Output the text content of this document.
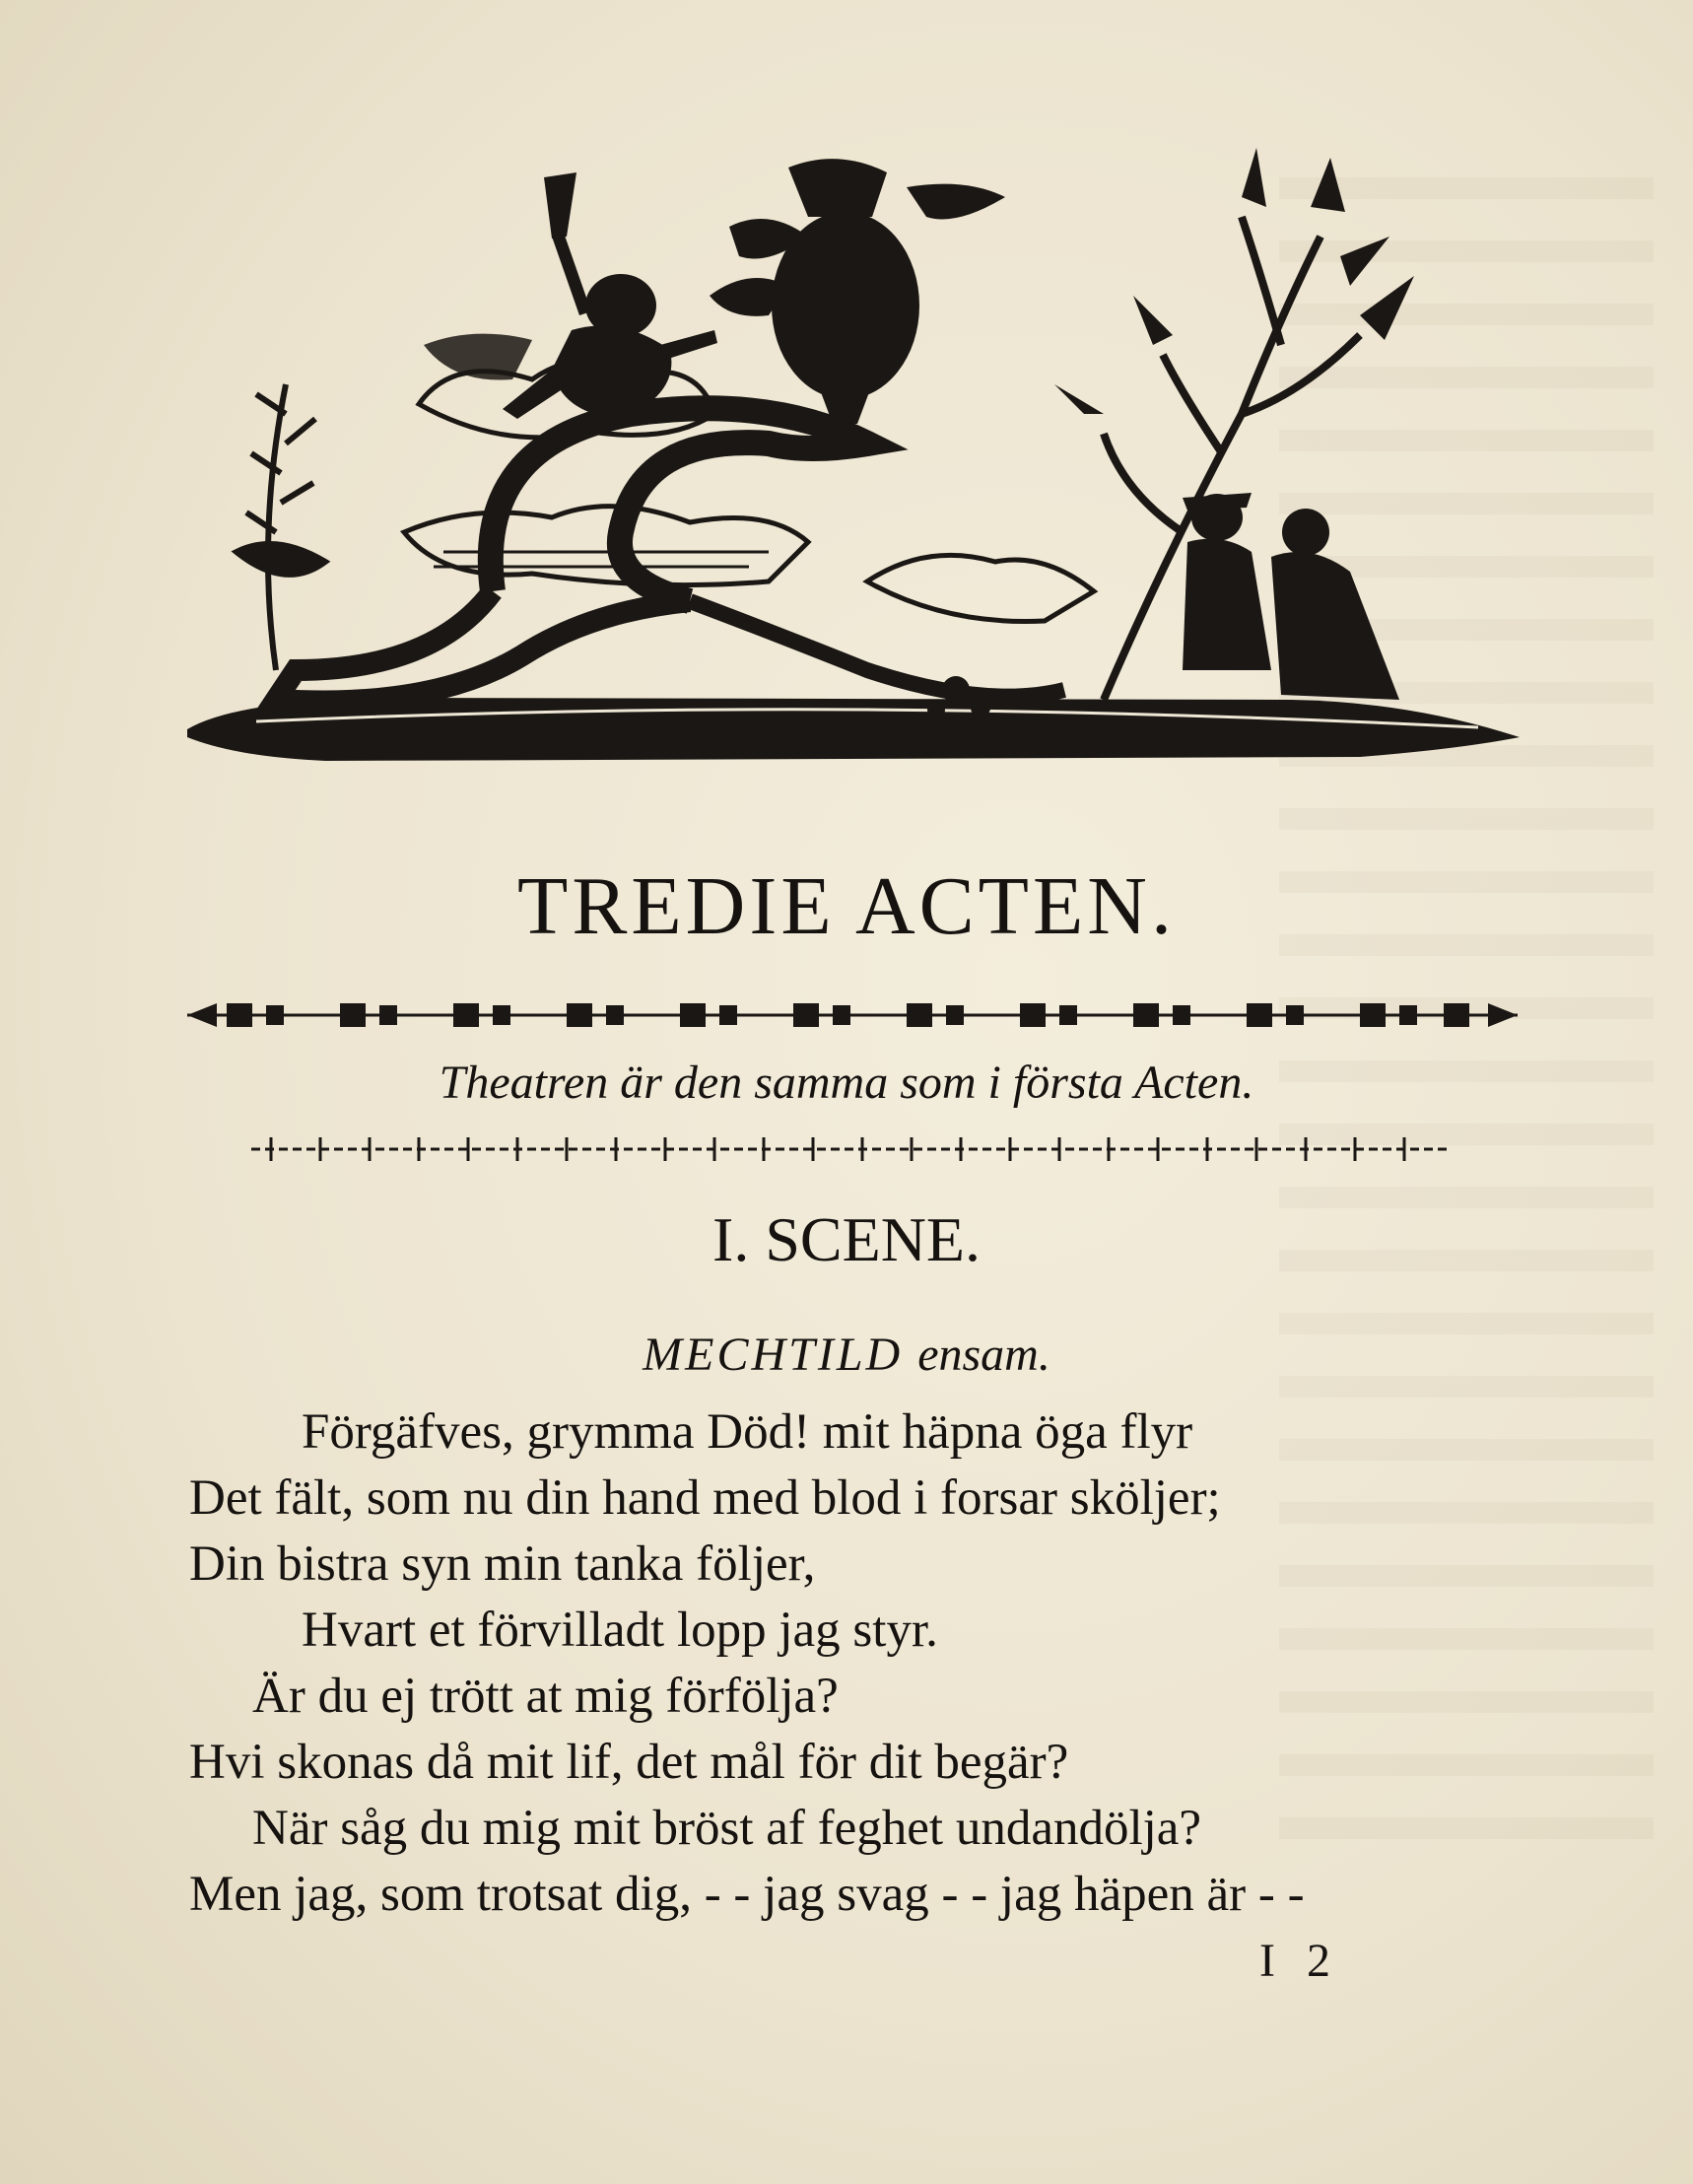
TREDIE ACTEN.
Theatren är den samma som i första Acten.
I. SCENE.
MECHTILD ensam.
Förgäfves, grymma Död! mit häpna öga flyr
Det fält, som nu din hand med blod i forsar sköljer;
Din bistra syn min tanka följer,
Hvart et förvilladt lopp jag styr.
Är du ej trött at mig förfölja?
Hvi skonas då mit lif, det mål för dit begär?
När såg du mig mit bröst af feghet undandölja?
Men jag, som trotsat dig, - - jag svag - - jag häpen är - -
I 2
